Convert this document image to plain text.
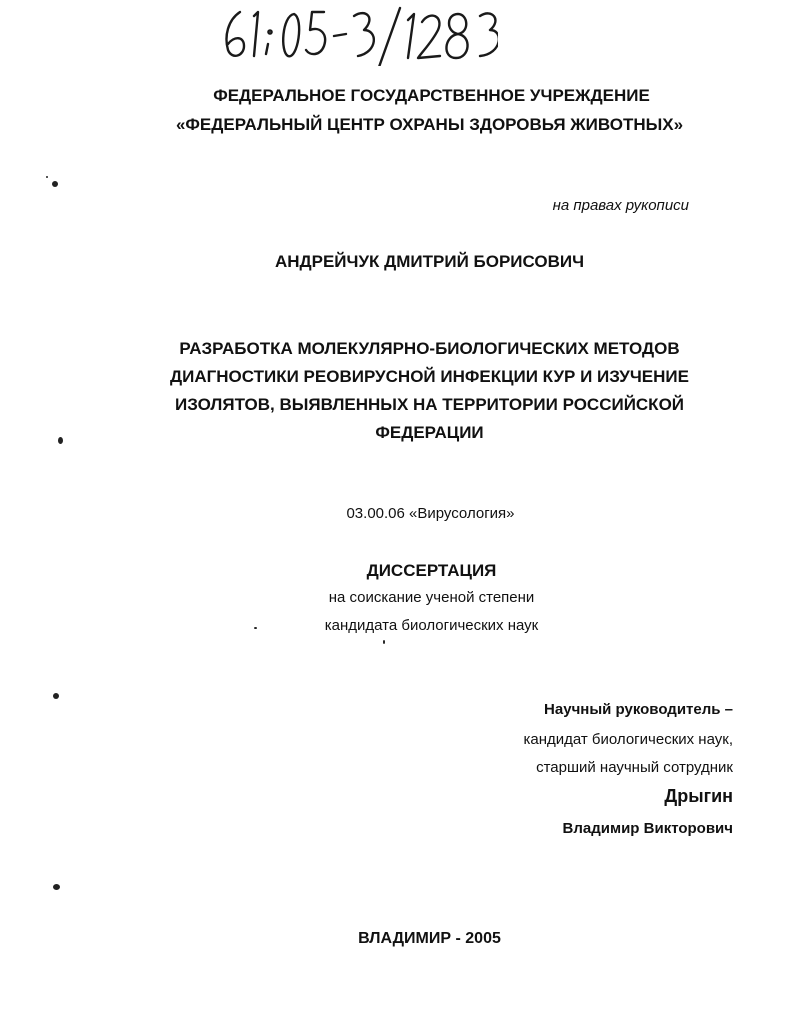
ФЕДЕРАЛЬНОЕ ГОСУДАРСТВЕННОЕ УЧРЕЖДЕНИЕ
«ФЕДЕРАЛЬНЫЙ ЦЕНТР ОХРАНЫ ЗДОРОВЬЯ ЖИВОТНЫХ»
на правах рукописи
АНДРЕЙЧУК ДМИТРИЙ БОРИСОВИЧ
РАЗРАБОТКА МОЛЕКУЛЯРНО-БИОЛОГИЧЕСКИХ МЕТОДОВ
ДИАГНОСТИКИ РЕОВИРУСНОЙ ИНФЕКЦИИ КУР И ИЗУЧЕНИЕ
ИЗОЛЯТОВ, ВЫЯВЛЕННЫХ НА ТЕРРИТОРИИ РОССИЙСКОЙ
ФЕДЕРАЦИИ
03.00.06 «Вирусология»
ДИССЕРТАЦИЯ
на соискание ученой степени
кандидата биологических наук
Научный руководитель –
кандидат биологических наук,
старший научный сотрудник
Дрыгин
Владимир Викторович
ВЛАДИМИР - 2005
